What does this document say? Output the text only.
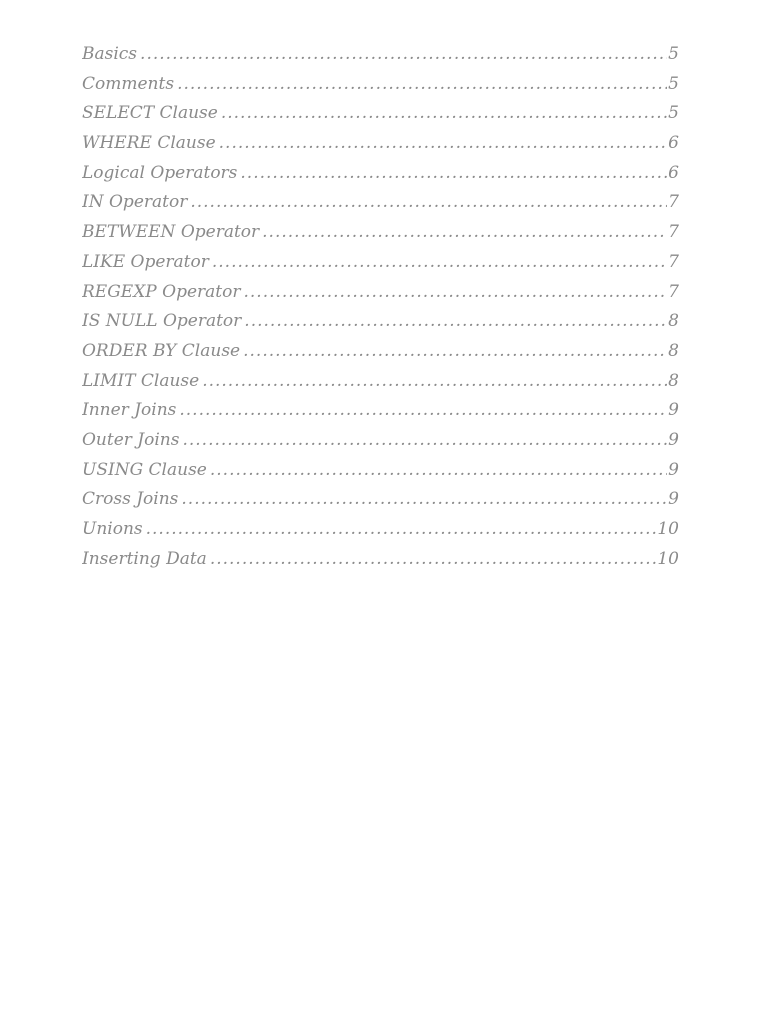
Basics .....	5
Comments .....	5
SELECT Clause .....	5
WHERE Clause .....	6
Logical Operators .....	6
IN Operator .....	7
BETWEEN Operator .....	7
LIKE Operator .....	7
REGEXP Operator .....	7
IS NULL Operator .....	8
ORDER BY Clause .....	8
LIMIT Clause .....	8
Inner Joins .....	9
Outer Joins .....	9
USING Clause .....	9
Cross Joins .....	9
Unions .....	10
Inserting Data .....	10
